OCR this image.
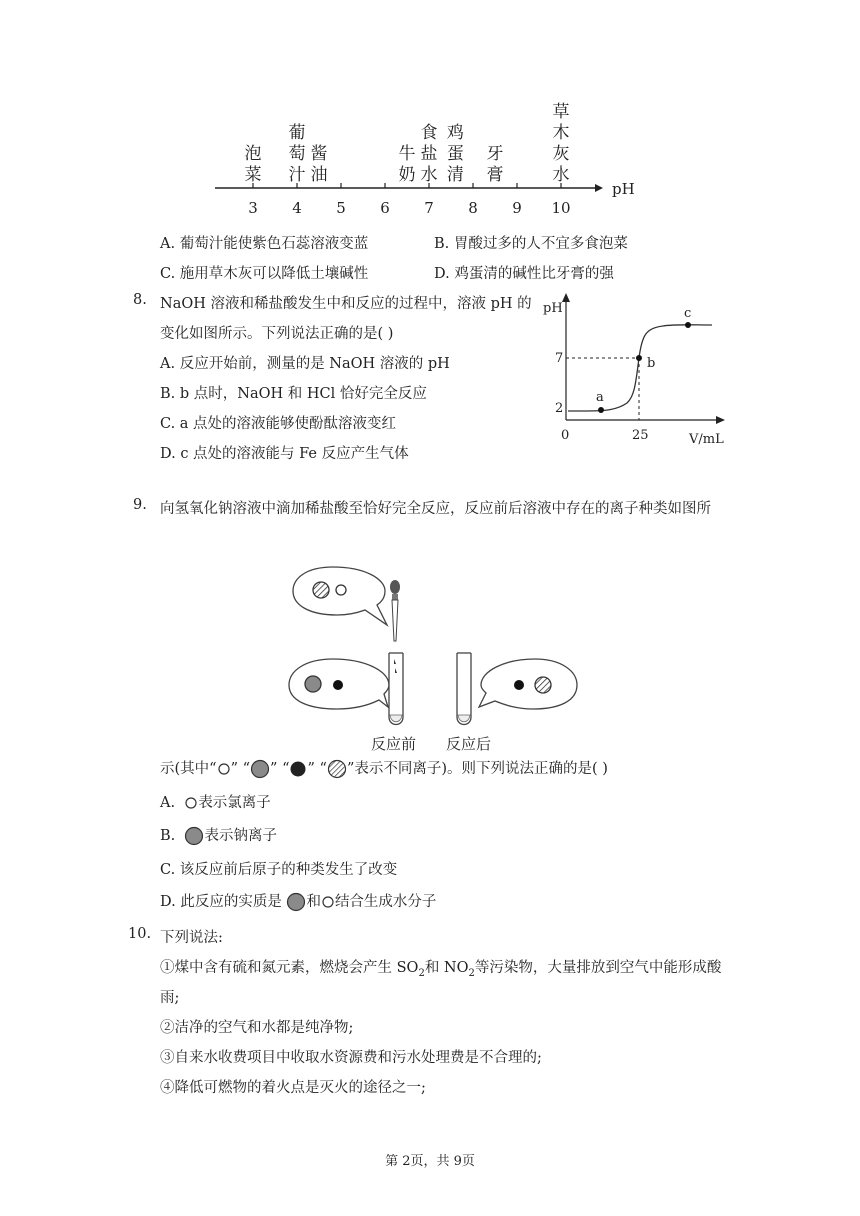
泡菜
葡萄汁
酱油
牛奶
食盐水
鸡蛋清
牙膏
草木灰水
pH
3 4 5 6 7 8 9 10
A. 葡萄汁能使紫色石蕊溶液变蓝	B. 胃酸过多的人不宜多食泡菜
C. 施用草木灰可以降低土壤碱性	D. 鸡蛋清的碱性比牙膏的强
8. NaOH 溶液和稀盐酸发生中和反应的过程中，溶液 pH 的
变化如图所示。下列说法正确的是( )
A. 反应开始前，测量的是 NaOH 溶液的 pH
B. b 点时，NaOH 和 HCl 恰好完全反应
C. a 点处的溶液能够使酚酞溶液变红
D. c 点处的溶液能与 Fe 反应产生气体
pH
V/mL
0
7
2
25
a
b
c
9. 向氢氧化钠溶液中滴加稀盐酸至恰好完全反应，反应前后溶液中存在的离子种类如图所
反应前 反应后
示(其中“ ” “ ” “ ” “ ”表示不同离子)。则下列说法正确的是( )
A. 表示氯离子
B. 表示钠离子
C. 该反应前后原子的种类发生了改变
D. 此反应的实质是 和 结合生成水分子
10. 下列说法:
①煤中含有硫和氮元素，燃烧会产生 $SO_2$和 $NO_2$等污染物，大量排放到空气中能形成酸
雨;
②洁净的空气和水都是纯净物;
③自来水收费项目中收取水资源费和污水处理费是不合理的;
④降低可燃物的着火点是灭火的途径之一;
第 2页，共 9页
